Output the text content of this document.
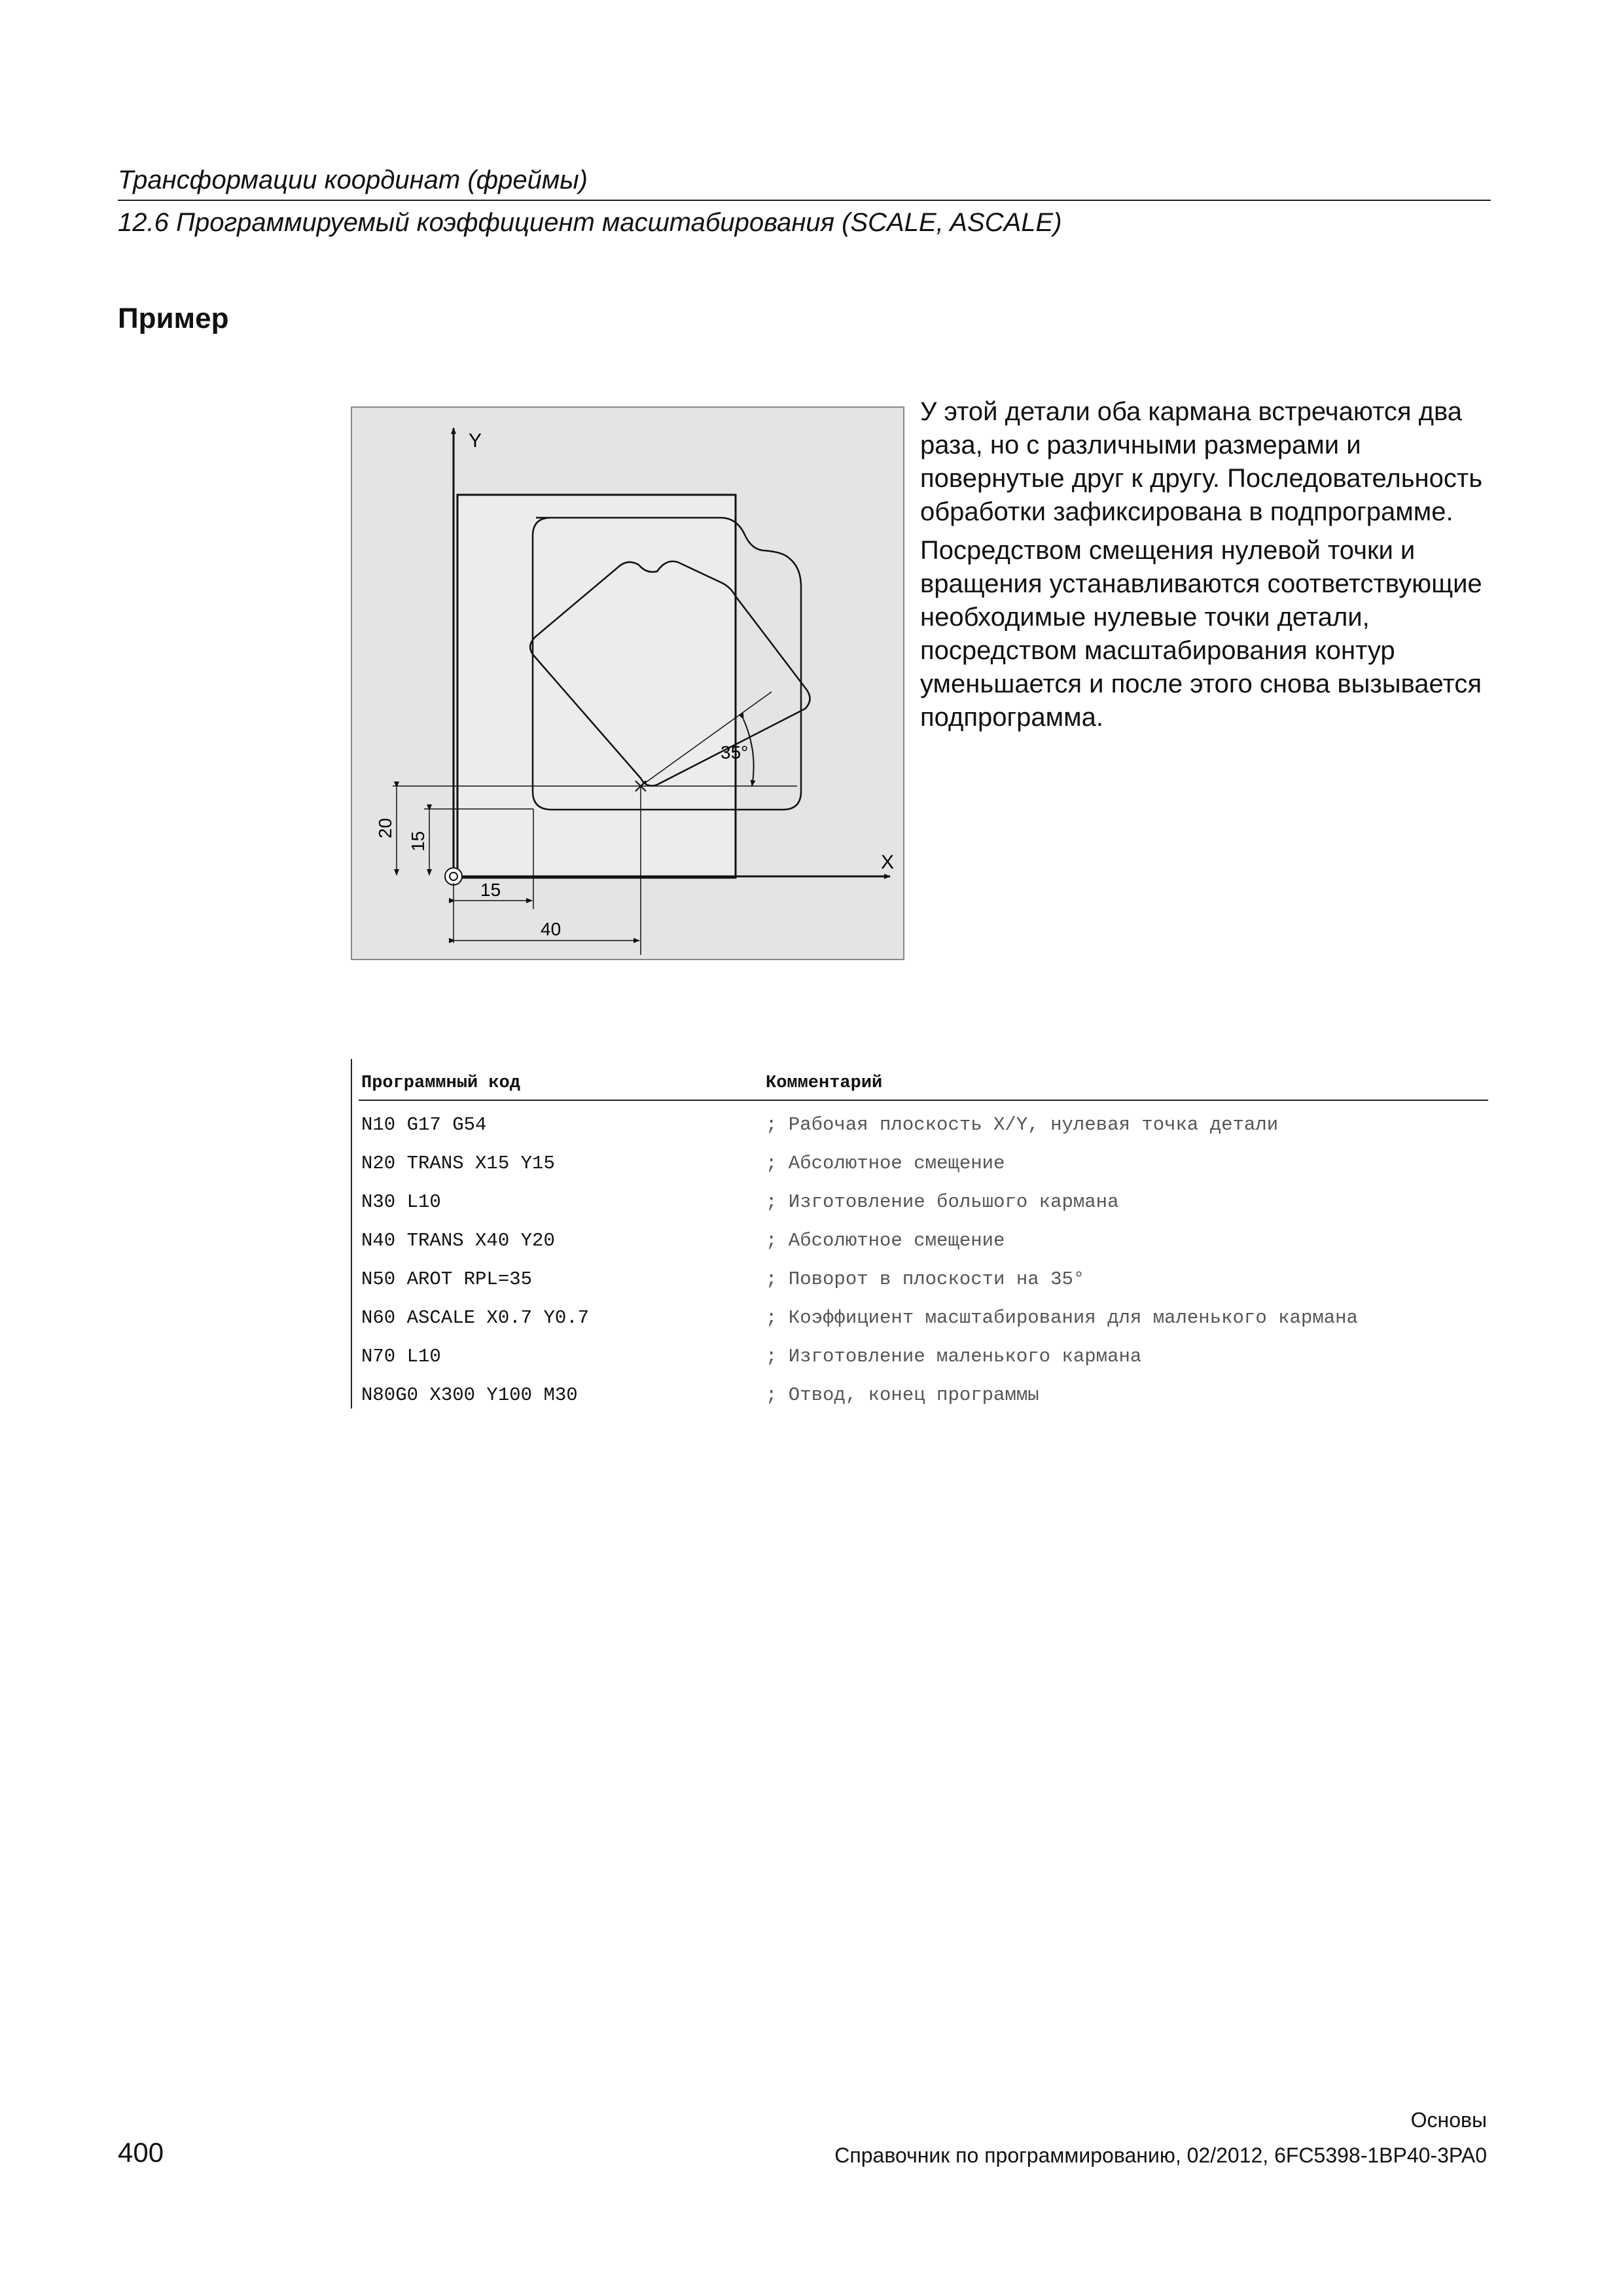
Трансформации координат (фреймы)
12.6 Программируемый коэффициент масштабирования (SCALE, ASCALE)
Пример
35°
Y
X
20
15
15
40

У этой детали оба кармана встречаются два раза, но с различными размерами и повернутые друг к другу. Последовательность обработки зафиксирована в подпрограмме.

Посредством смещения нулевой точки и вращения устанавливаются соответствующие необходимые нулевые точки детали, посредством масштабирования контур уменьшается и после этого снова вызывается подпрограмма.

Программный код	Комментарий
N10 G17 G54	; Рабочая плоскость X/Y, нулевая точка детали
N20 TRANS X15 Y15	; Абсолютное смещение
N30 L10	; Изготовление большого кармана
N40 TRANS X40 Y20	; Абсолютное смещение
N50 AROT RPL=35	; Поворот в плоскости на 35°
N60 ASCALE X0.7 Y0.7	; Коэффициент масштабирования для маленького кармана
N70 L10	; Изготовление маленького кармана
N80G0 X300 Y100 M30	; Отвод, конец программы
Основы
400	Справочник по программированию, 02/2012, 6FC5398-1BP40-3PA0
